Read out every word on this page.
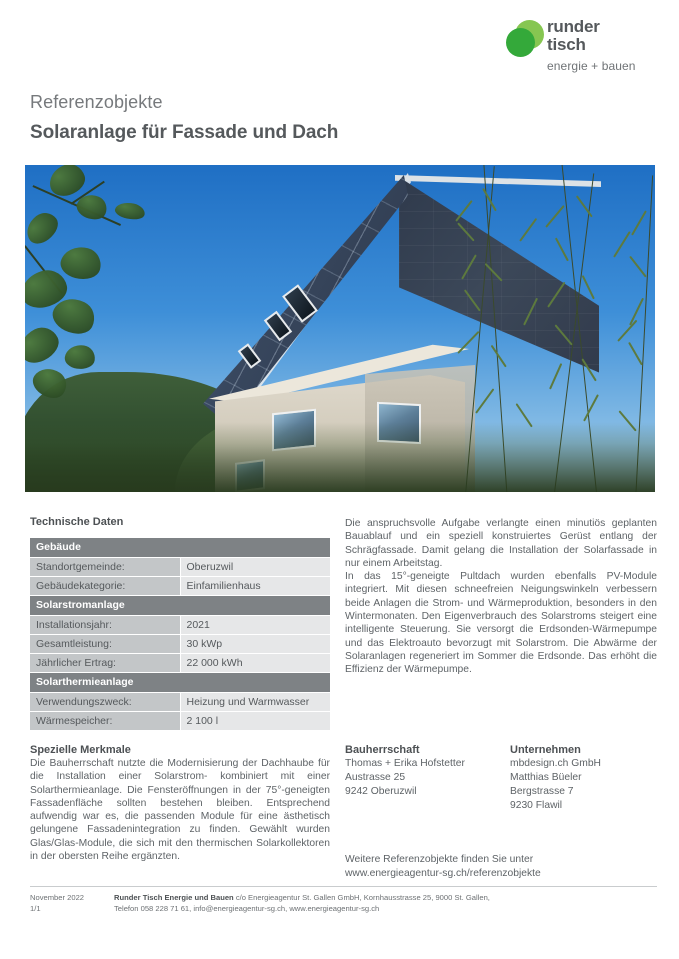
runder
tisch
energie + bauen
Referenzobjekte
Solaranlage für Fassade und Dach
Technische Daten
Gebäude	
Standortgemeinde:	Oberuzwil
Gebäudekategorie:	Einfamilienhaus
Solarstromanlage	
Installationsjahr:	2021
Gesamtleistung:	30 kWp
Jährlicher Ertrag:	22 000 kWh
Solarthermieanlage	
Verwendungszweck:	Heizung und Warmwasser
Wärmespeicher:	2 100 l

Die anspruchsvolle Aufgabe verlangte einen minutiös geplanten Bauablauf und ein speziell konstruiertes Gerüst entlang der Schrägfassade. Damit gelang die Installation der Solarfassade in nur einem Arbeitstag.

In das 15°-geneigte Pultdach wurden ebenfalls PV-Module integriert. Mit diesen schneefreien Neigungswinkeln verbessern beide Anlagen die Strom- und Wärmeproduktion, besonders in den Wintermonaten. Den Eigenverbrauch des Solarstroms steigert eine intelligente Steuerung. Sie versorgt die Erdsonden-Wärmepumpe und das Elektroauto bevorzugt mit Solarstrom. Die Abwärme der Solaranlagen regeneriert im Sommer die Erdsonde. Das erhöht die Effizienz der Wärmepumpe.

Spezielle Merkmale
Die Bauherrschaft nutzte die Modernisierung der Dachhaube für die Installation einer Solarstrom- kombiniert mit einer Solarthermieanlage. Die Fensteröffnungen in der 75°-geneigten Fassadenfläche sollten bestehen bleiben. Entsprechend aufwendig war es, die passenden Module für eine ästhetisch gelungene Fassadenintegration zu finden. Gewählt wurden Glas/Glas-Module, die sich mit den thermischen Solarkollektoren in der obersten Reihe ergänzten.
Bauherrschaft
Thomas + Erika Hofstetter
Austrasse 25
9242 Oberuzwil
Unternehmen
mbdesign.ch GmbH
Matthias Büeler
Bergstrasse 7
9230 Flawil
Weitere Referenzobjekte finden Sie unter
www.energieagentur-sg.ch/referenzobjekte
November 2022
1/1
Runder Tisch Energie und Bauen c/o Energieagentur St. Gallen GmbH, Kornhausstrasse 25, 9000 St. Gallen,
Telefon 058 228 71 61, info@energieagentur-sg.ch, www.energieagentur-sg.ch
